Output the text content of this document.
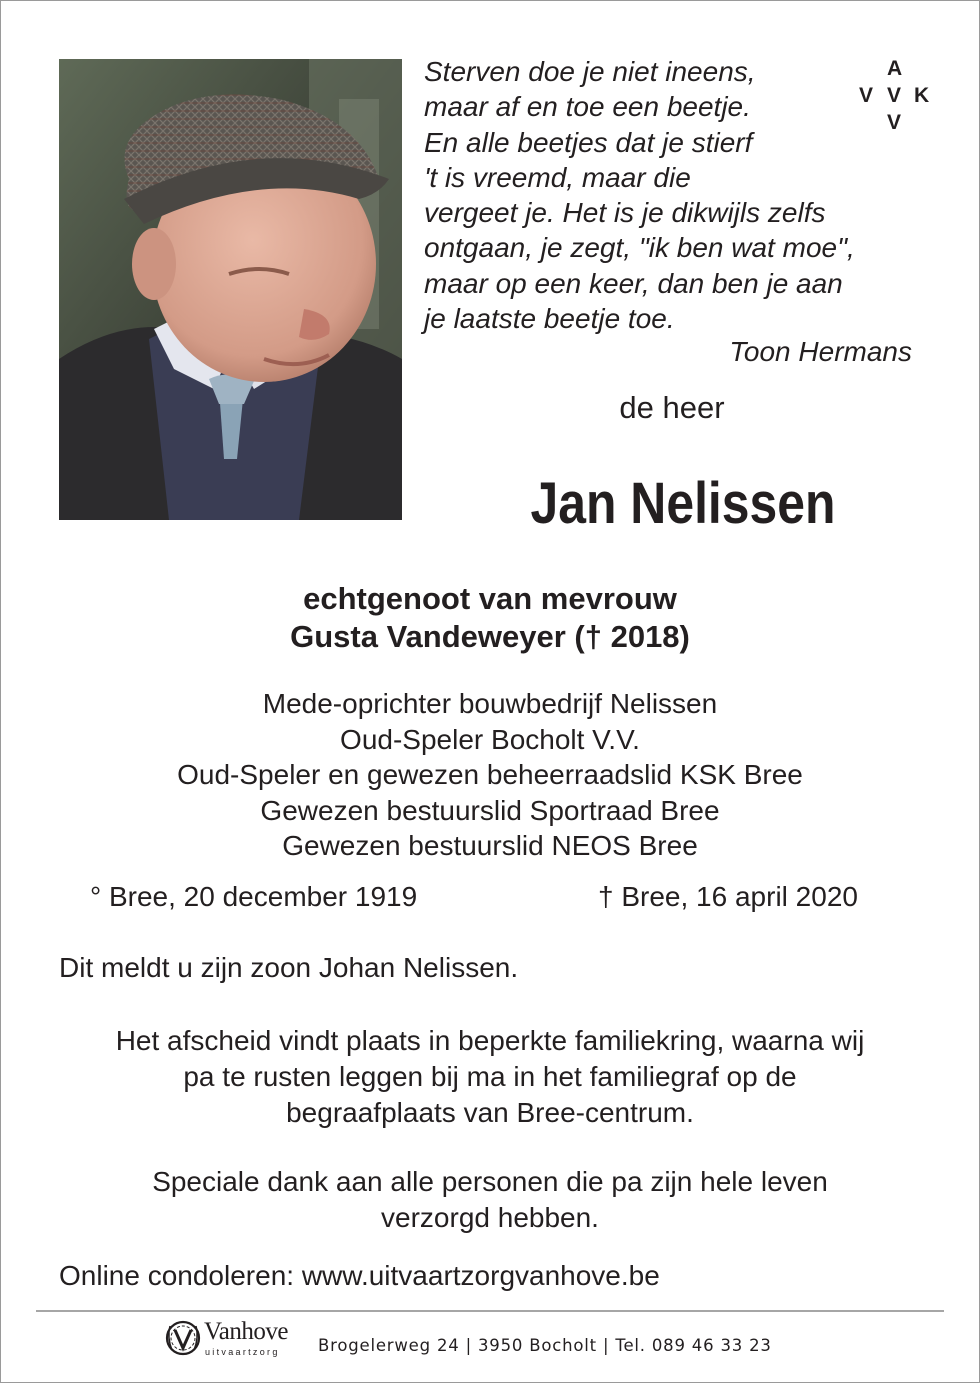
Sterven doe je niet ineens,
maar af en toe een beetje.
En alle beetjes dat je stierf
't is vreemd, maar die
vergeet je. Het is je dikwijls zelfs
ontgaan, je zegt, "ik ben wat moe",
maar op een keer, dan ben je aan
je laatste beetje toe.
Toon Hermans
A
V V K
V
de heer
Jan Nelissen
echtgenoot van mevrouw
Gusta Vandeweyer († 2018)
Mede-oprichter bouwbedrijf Nelissen
Oud-Speler Bocholt V.V.
Oud-Speler en gewezen beheerraadslid KSK Bree
Gewezen bestuurslid Sportraad Bree
Gewezen bestuurslid NEOS Bree
° Bree, 20 december 1919	† Bree, 16 april 2020
Dit meldt u zijn zoon Johan Nelissen.
Het afscheid vindt plaats in beperkte familiekring, waarna wij
pa te rusten leggen bij ma in het familiegraf op de
begraafplaats van Bree-centrum.
Speciale dank aan alle personen die pa zijn hele leven
verzorgd hebben.
Online condoleren: www.uitvaartzorgvanhove.be
Vanhove
uitvaartzorg Brogelerweg 24 | 3950 Bocholt | Tel. 089 46 33 23
